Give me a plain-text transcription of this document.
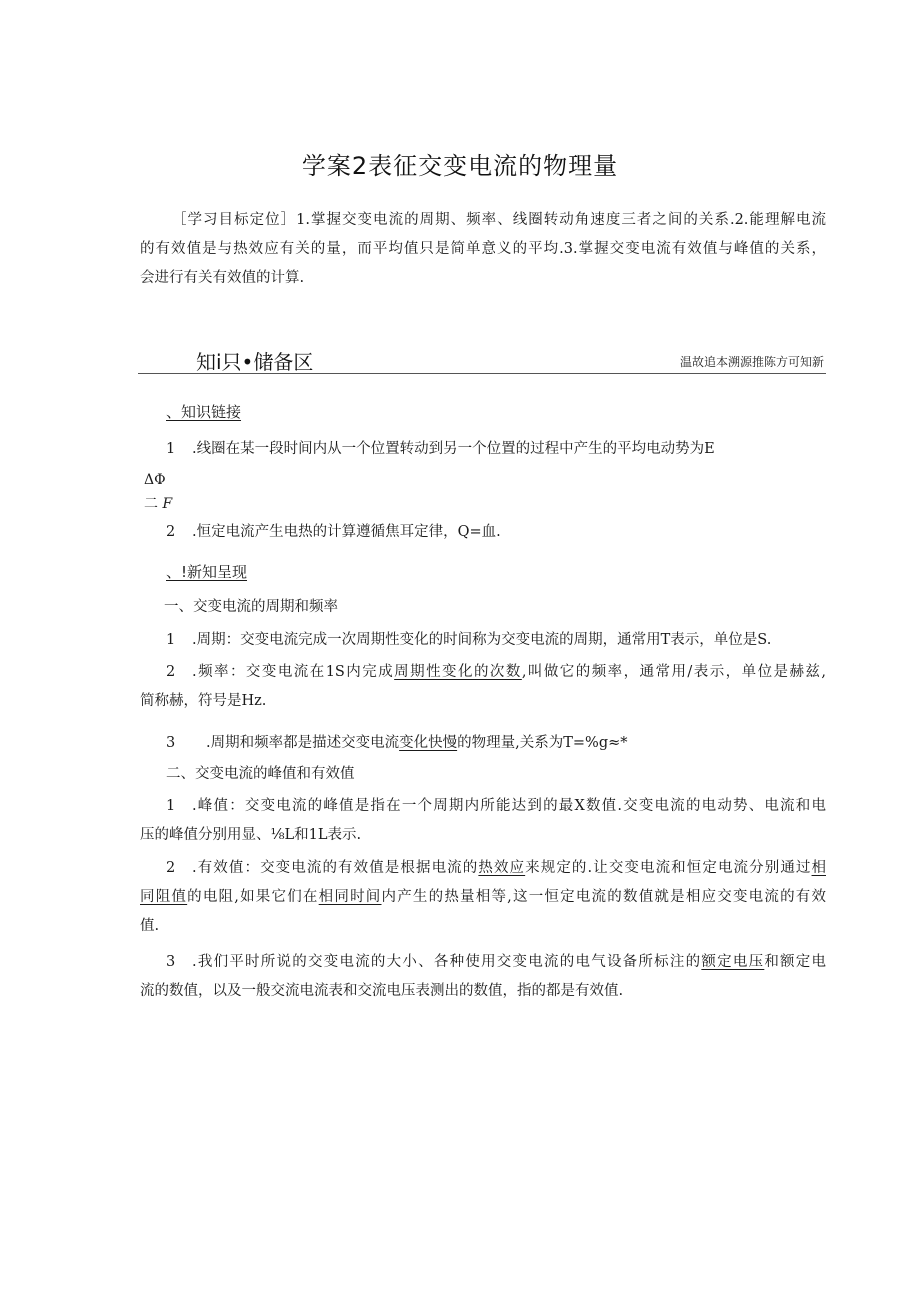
学案2表征交变电流的物理量
［学习目标定位］1.掌握交变电流的周期、频率、线圈转动角速度三者之间的关系.2.能理解电流
的有效值是与热效应有关的量，而平均值只是简单意义的平均.3.掌握交变电流有效值与峰值的关系，
会进行有关有效值的计算.
知i只•储备区	温故追本溯源推陈方可知新
、知识链接
1 .线圈在某一段时间内从一个位置转动到另一个位置的过程中产生的平均电动势为E
ΔΦ
二 F
2 .恒定电流产生电热的计算遵循焦耳定律，Q=血.
、!新知呈现
一、交变电流的周期和频率
1 .周期：交变电流完成一次周期性变化的时间称为交变电流的周期，通常用T表示，单位是S.
2 .频率：交变电流在1S内完成周期性变化的次数,叫做它的频率，通常用/表示，单位是赫兹,
简称赫，符号是Hz.
3 .周期和频率都是描述交变电流变化快慢的物理量,关系为T=%g≈*
二、交变电流的峰值和有效值
1 .峰值：交变电流的峰值是指在一个周期内所能达到的最X数值.交变电流的电动势、电流和电
压的峰值分别用显、⅛L和1L表示.
2 .有效值：交变电流的有效值是根据电流的热效应来规定的.让交变电流和恒定电流分别通过相
同阻值的电阻,如果它们在相同时间内产生的热量相等,这一恒定电流的数值就是相应交变电流的有效
值.
3 .我们平时所说的交变电流的大小、各种使用交变电流的电气设备所标注的额定电压和额定电
流的数值，以及一般交流电流表和交流电压表测出的数值，指的都是有效值.
